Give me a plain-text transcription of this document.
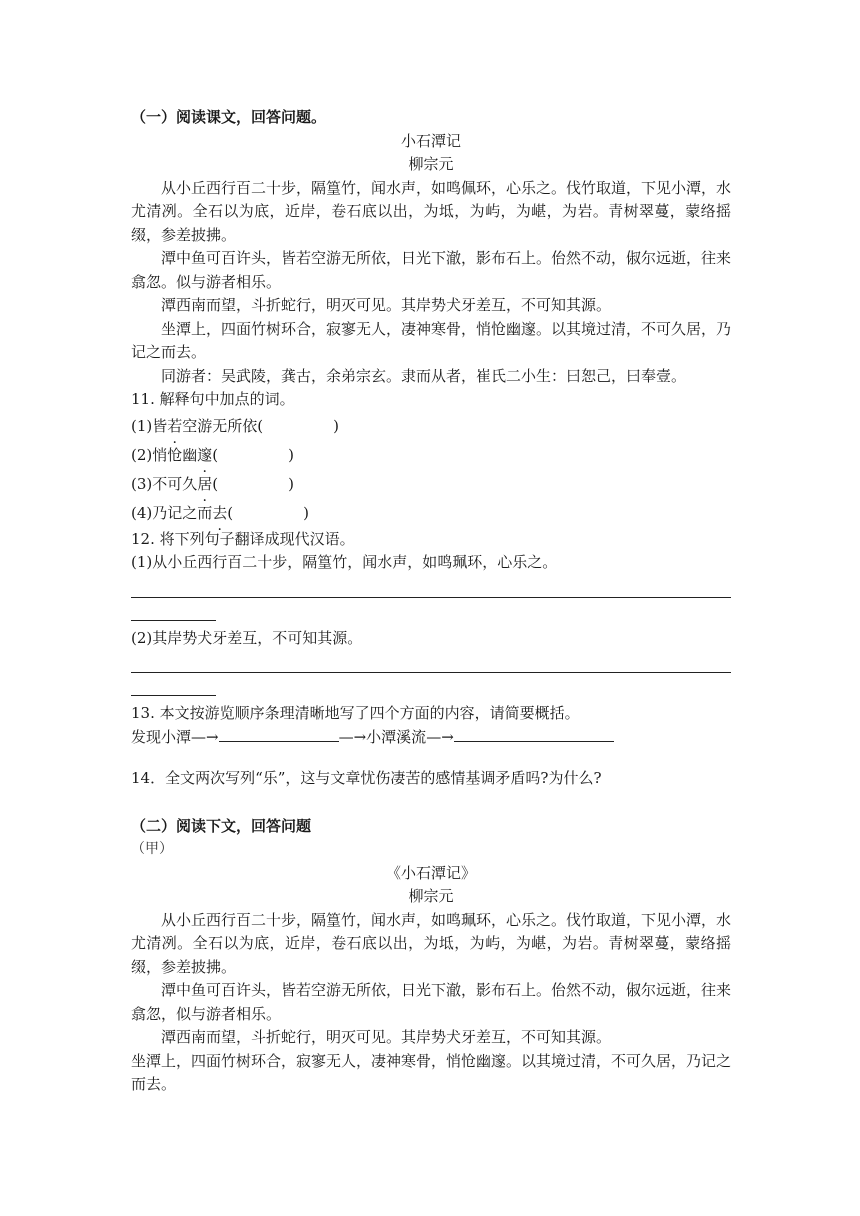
（一）阅读课文，回答问题。
小石潭记
柳宗元
从小丘西行百二十步，隔篁竹，闻水声，如鸣佩环，心乐之。伐竹取道，下见小潭，水尤清冽。全石以为底，近岸，卷石底以出，为坻，为屿，为嵁，为岩。青树翠蔓，蒙络摇缀，参差披拂。
潭中鱼可百许头，皆若空游无所依，日光下澈，影布石上。佁然不动，俶尔远逝，往来翕忽。似与游者相乐。
潭西南而望，斗折蛇行，明灭可见。其岸势犬牙差互，不可知其源。
坐潭上，四面竹树环合，寂寥无人，凄神寒骨，悄怆幽邃。以其境过清，不可久居，乃记之而去。
同游者：吴武陵，龚古，余弟宗玄。隶而从者，崔氏二小生：曰恕己，曰奉壹。
11. 解释句中加点的词。
(1)皆若空游无所依(	)
(2)悄怆幽邃(	)
(3)不可久居(	)
(4)乃记之而去(	)
12. 将下列句子翻译成现代汉语。
(1)从小丘西行百二十步，隔篁竹，闻水声，如鸣珮环，心乐之。
(2)其岸势犬牙差互，不可知其源。
13. 本文按游览顺序条理清晰地写了四个方面的内容，请简要概括。
发现小潭—→	—→小潭溪流—→
14．全文两次写列“乐”，这与文章忧伤凄苦的感情基调矛盾吗?为什么?
（二）阅读下文，回答问题
（甲）
《小石潭记》
柳宗元
从小丘西行百二十步，隔篁竹，闻水声，如鸣珮环，心乐之。伐竹取道，下见小潭，水尤清冽。全石以为底，近岸，卷石底以出，为坻，为屿，为嵁，为岩。青树翠蔓，蒙络摇缀，参差披拂。
潭中鱼可百许头，皆若空游无所依，日光下澈，影布石上。佁然不动，俶尔远逝，往来翕忽，似与游者相乐。
潭西南而望，斗折蛇行，明灭可见。其岸势犬牙差互，不可知其源。
坐潭上，四面竹树环合，寂寥无人，凄神寒骨，悄怆幽邃。以其境过清，不可久居，乃记之而去。
